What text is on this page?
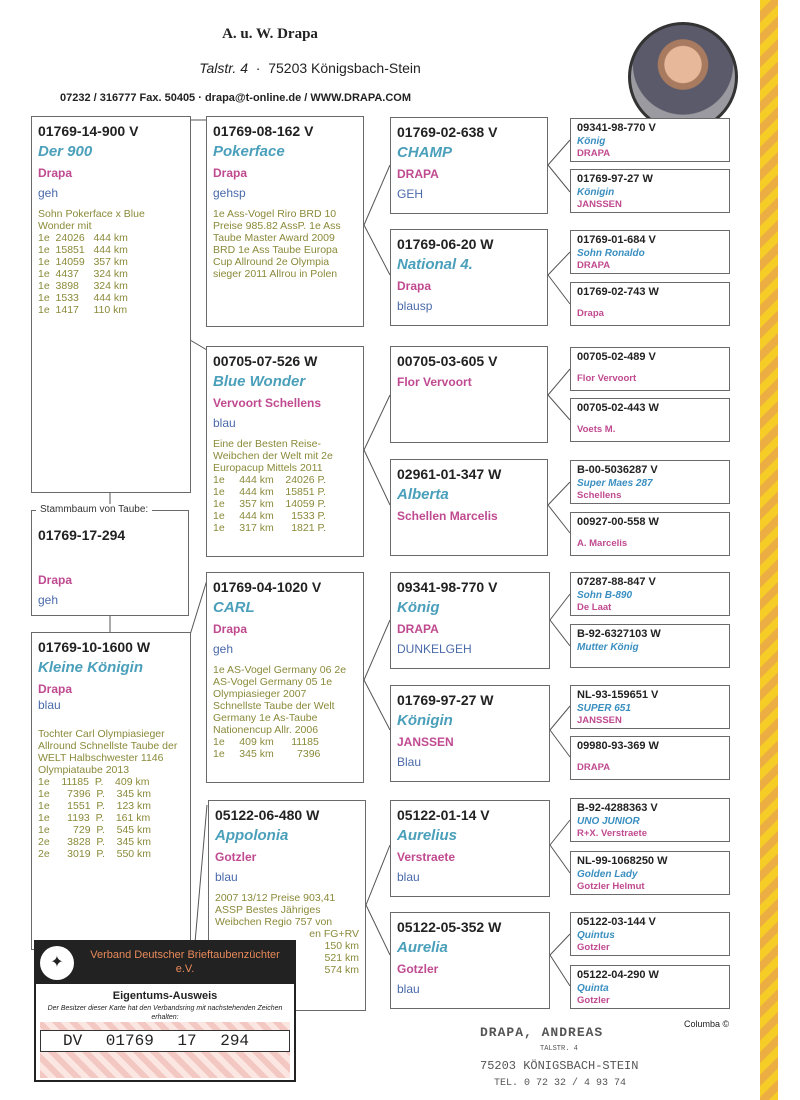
A. u. W. Drapa
Talstr. 4  ·  75203 Königsbach-Stein
07232 / 316777 Fax. 50405 · drapa@t-online.de / WWW.DRAPA.COM
01769-14-900 V
Der 900
Drapa
geh
Sohn Pokerface x Blue Wonder mit
1e  24026   444 km
1e  15851   444 km
1e  14059   357 km
1e  4437     324 km
1e  3898     324 km
1e  1533     444 km
1e  1417     110 km
01769-17-294
Drapa
geh
Stammbaum von Taube:
01769-10-1600 W
Kleine Königin
Drapa
blau
Tochter Carl Olympiasieger Allround Schnellste Taube der WELT Halbschwester 1146 Olympiataube 2013
1e    11185  P.    409 km
1e      7396  P.    345 km
1e      1551  P.    123 km
1e      1193  P.    161 km
1e        729  P.    545 km
2e      3828  P.    345 km
2e      3019  P.    550 km
01769-08-162 V
Pokerface
Drapa
gehsp
1e Ass-Vogel Riro BRD 10 Preise 985.82 AssP. 1e Ass Taube Master Award 2009 BRD 1e Ass Taube Europa Cup Allround 2e Olympia sieger 2011 Allrou in Polen
00705-07-526 W
Blue Wonder
Vervoort Schellens
blau
Eine der Besten Reise-Weibchen der Welt mit 2e Europacup Mittels 2011
1e     444 km    24026 P.
1e     444 km    15851 P.
1e     357 km    14059 P.
1e     444 km      1533 P.
1e     317 km      1821 P.
01769-04-1020 V
CARL
Drapa
geh
1e AS-Vogel Germany 06 2e AS-Vogel Germany 05 1e Olympiasieger 2007 Schnellste Taube der Welt Germany 1e As-Taube Nationencup Allr. 2006
1e     409 km      11185
1e     345 km        7396
05122-06-480 W
Appolonia
Gotzler
blau
2007 13/12 Preise 903,41 ASSP Bestes Jähriges Weibchen Regio 757 von
en FG+RV
150 km
521 km
574 km
01769-02-638 V
CHAMP
DRAPA
GEH
01769-06-20 W
National 4.
Drapa
blausp
00705-03-605 V
Flor Vervoort
02961-01-347 W
Alberta
Schellen Marcelis
09341-98-770 V
König
DRAPA
DUNKELGEH
01769-97-27 W
Königin
JANSSEN
Blau
05122-01-14 V
Aurelius
Verstraete
blau
05122-05-352 W
Aurelia
Gotzler
blau
09341-98-770 V
König
DRAPA
01769-97-27 W
Königin
JANSSEN
01769-01-684 V
Sohn Ronaldo
DRAPA
01769-02-743 W
Drapa
00705-02-489 V
Flor Vervoort
00705-02-443 W
Voets M.
B-00-5036287 V
Super Maes 287
Schellens
00927-00-558 W
A. Marcelis
07287-88-847 V
Sohn B-890
De Laat
B-92-6327103 W
Mutter König
NL-93-159651 V
SUPER 651
JANSSEN
09980-93-369 W
DRAPA
B-92-4288363 V
UNO JUNIOR
R+X. Verstraete
NL-99-1068250 W
Golden Lady
Gotzler Helmut
05122-03-144 V
Quintus
Gotzler
05122-04-290 W
Quinta
Gotzler
✦	Verband Deutscher Brieftaubenzüchter e.V.
Eigentums-Ausweis
Der Besitzer dieser Karte hat den Verbandsring mit nachstehenden Zeichen erhalten:
DV 01769 17 294	DRAPA, ANDREAS
TALSTR. 4
75203 KÖNIGSBACH-STEIN
TEL. 0 72 32 / 4 93 74
Columba ©
